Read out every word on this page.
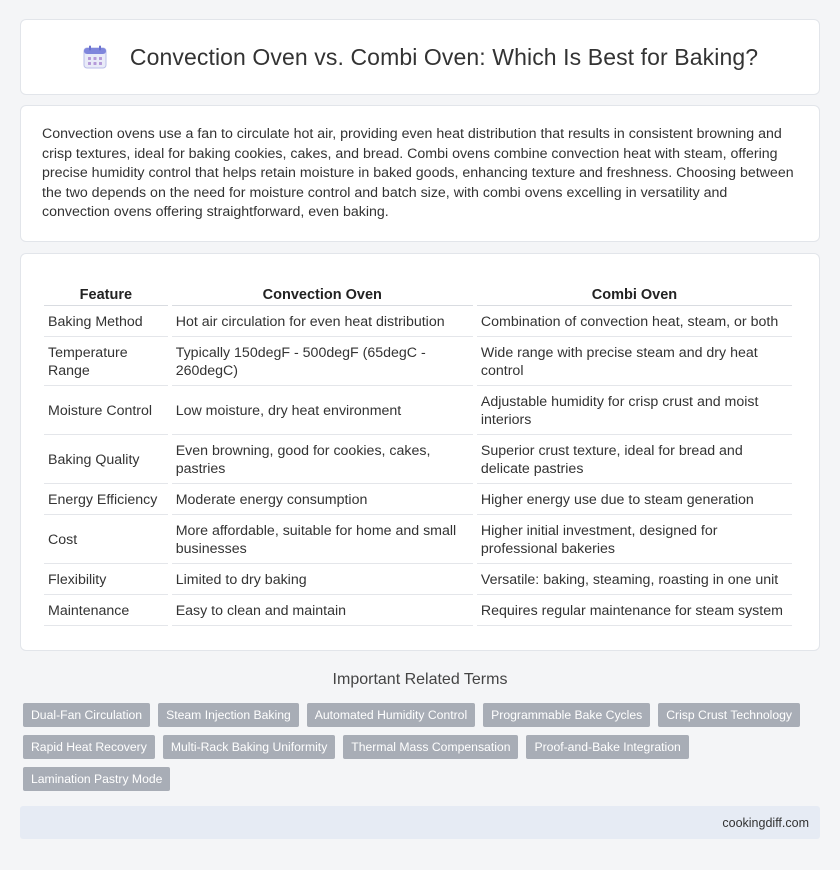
Convection Oven vs. Combi Oven: Which Is Best for Baking?

Convection ovens use a fan to circulate hot air, providing even heat distribution that results in consistent browning and crisp textures, ideal for baking cookies, cakes, and bread. Combi ovens combine convection heat with steam, offering precise humidity control that helps retain moisture in baked goods, enhancing texture and freshness. Choosing between the two depends on the need for moisture control and batch size, with combi ovens excelling in versatility and convection ovens offering straightforward, even baking.

Feature	Convection Oven	Combi Oven
Baking Method	Hot air circulation for even heat distribution	Combination of convection heat, steam, or both
Temperature Range	Typically 150degF - 500degF (65degC - 260degC)	Wide range with precise steam and dry heat control
Moisture Control	Low moisture, dry heat environment	Adjustable humidity for crisp crust and moist interiors
Baking Quality	Even browning, good for cookies, cakes, pastries	Superior crust texture, ideal for bread and delicate pastries
Energy Efficiency	Moderate energy consumption	Higher energy use due to steam generation
Cost	More affordable, suitable for home and small businesses	Higher initial investment, designed for professional bakeries
Flexibility	Limited to dry baking	Versatile: baking, steaming, roasting in one unit
Maintenance	Easy to clean and maintain	Requires regular maintenance for steam system
Important Related Terms
Dual-Fan Circulation	Steam Injection Baking	Automated Humidity Control	Programmable Bake Cycles	Crisp Crust Technology
Rapid Heat Recovery	Multi-Rack Baking Uniformity	Thermal Mass Compensation	Proof-and-Bake Integration
Lamination Pastry Mode
cookingdiff.com
